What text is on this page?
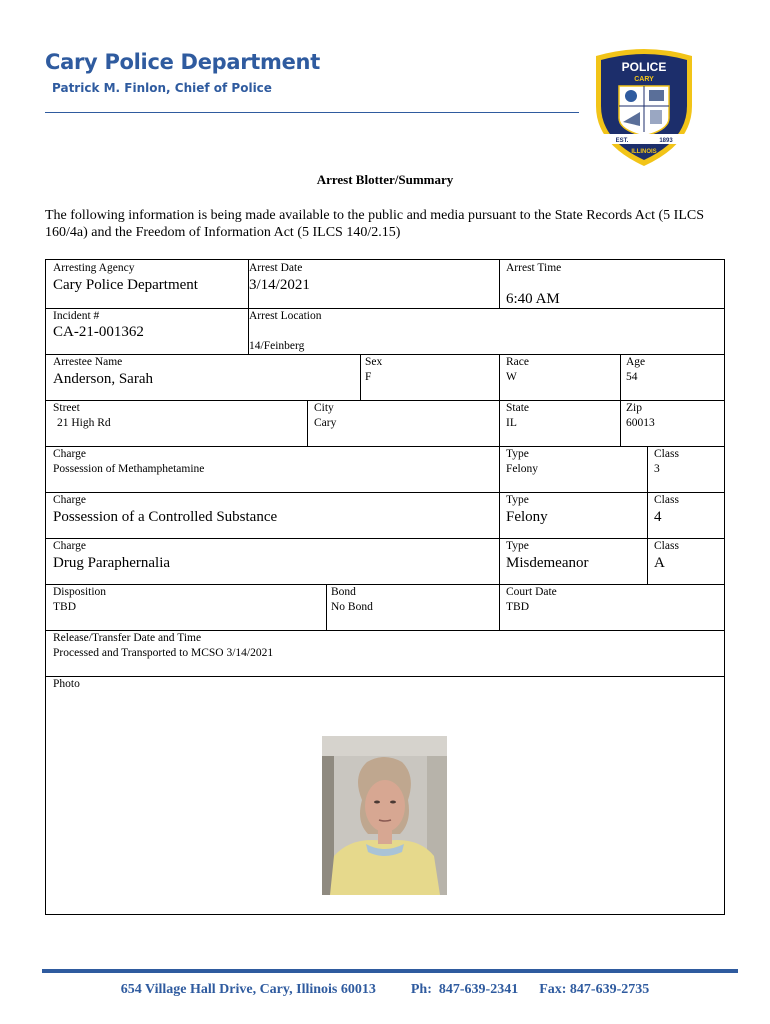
Cary Police Department
Patrick M. Finlon, Chief of Police
POLICE
CARY
EST.	1893
ILLINOIS
Arrest Blotter/Summary

The following information is being made available to the public and media pursuant to the State Records Act (5 ILCS 160/4a) and the Freedom of Information Act (5 ILCS 140/2.15)

Arresting Agency
Cary Police Department
Arrest Date
3/14/2021
Arrest Time
6:40 AM
Incident #
CA-21-001362
Arrest Location
14/Feinberg
Arrestee Name
Anderson, Sarah
Sex
F
Race
W
Age
54
Street
21 High Rd
City
Cary
State
IL
Zip
60013
Charge
Possession of Methamphetamine
Type
Felony
Class
3
Charge
Possession of a Controlled Substance
Type
Felony
Class
4
Charge
Drug Paraphernalia
Type
Misdemeanor
Class
A
Disposition
TBD
Bond
No Bond
Court Date
TBD
Release/Transfer Date and Time
Processed and Transported to MCSO 3/14/2021
Photo
654 Village Hall Drive, Cary, Illinois 60013	Ph:  847-639-2341 Fax: 847-639-2735
